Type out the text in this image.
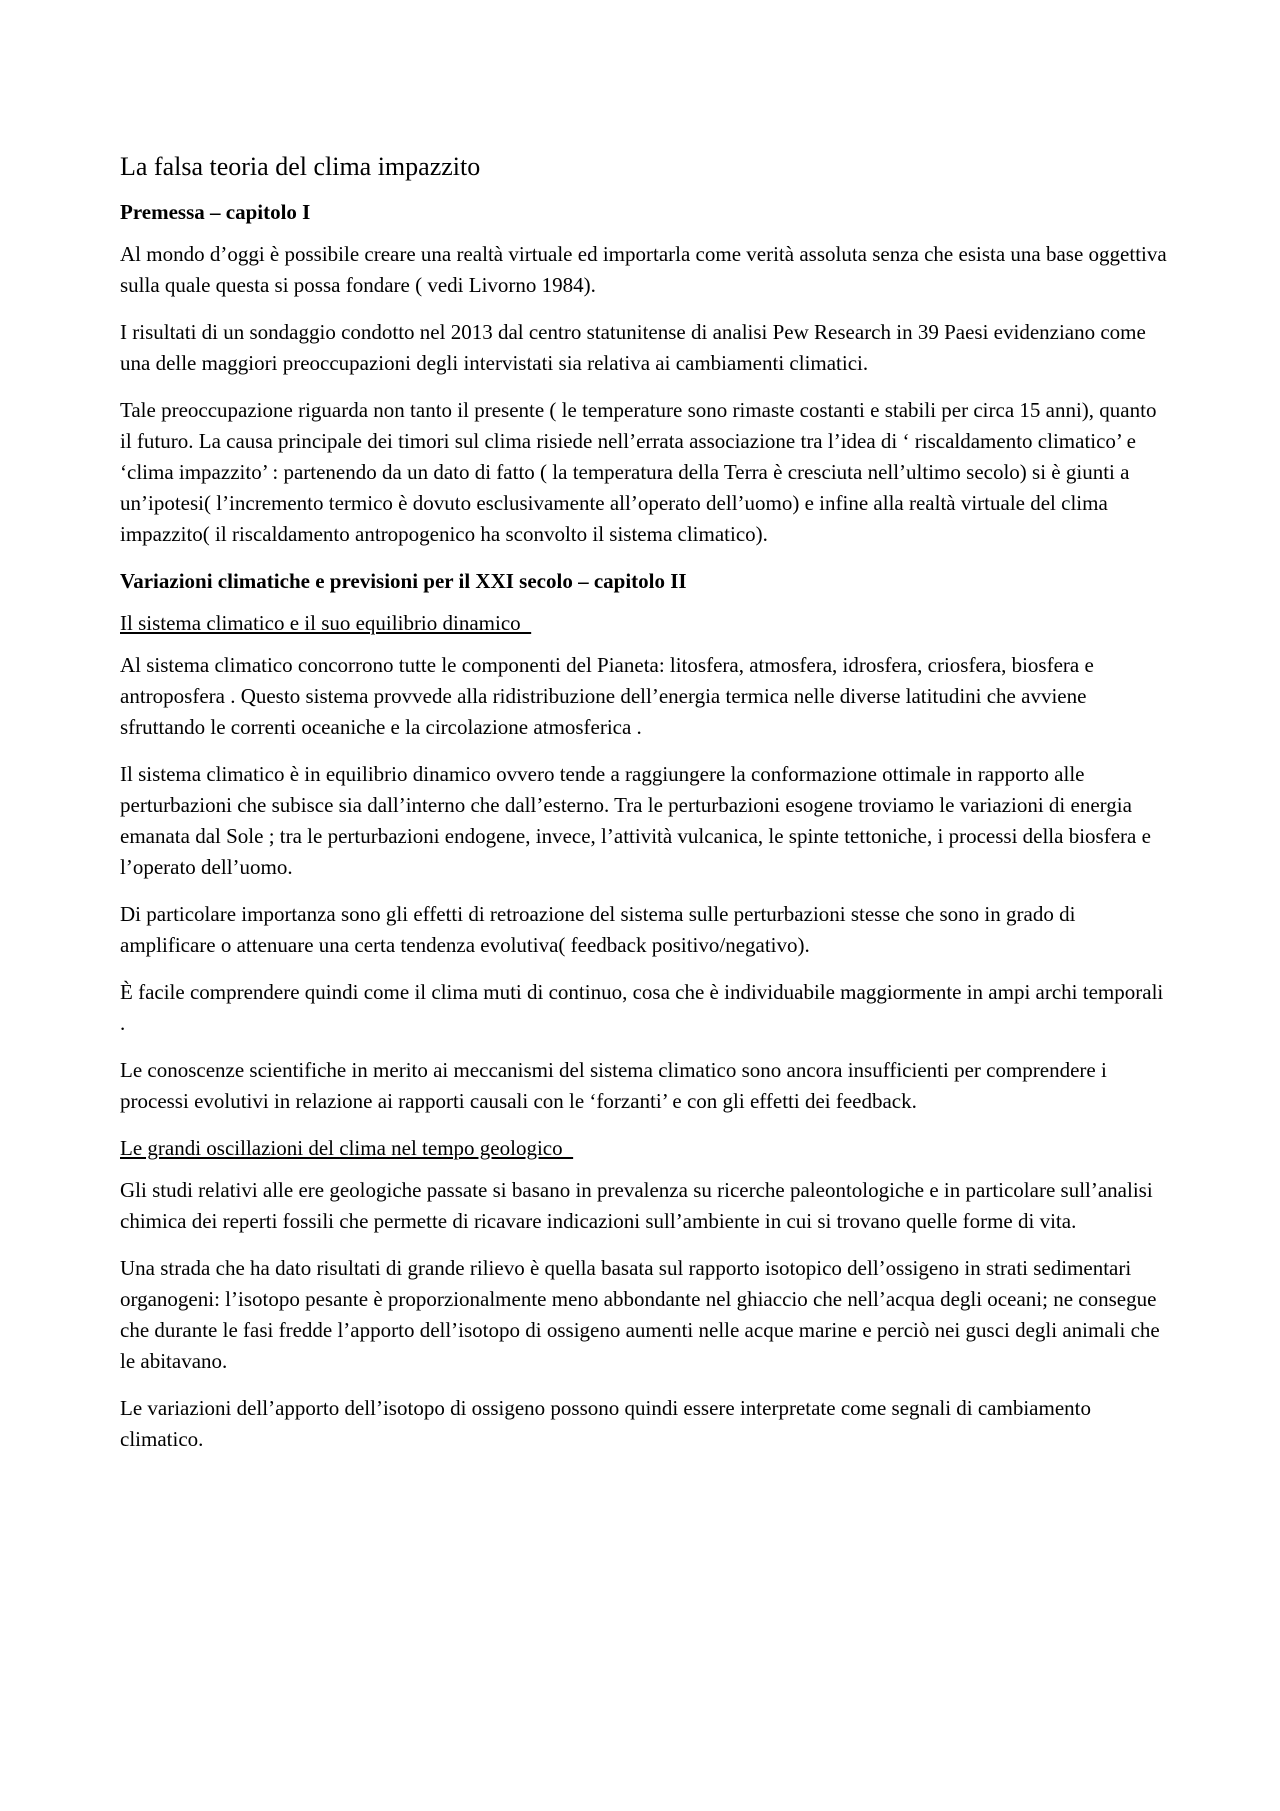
La falsa teoria del clima impazzito
Premessa – capitolo I

Al mondo d’oggi è possibile creare una realtà virtuale ed importarla come verità assoluta senza che esista una base oggettiva sulla quale questa si possa fondare ( vedi Livorno 1984).

I risultati di un sondaggio condotto nel 2013 dal centro statunitense di analisi Pew Research in 39 Paesi evidenziano come una delle maggiori preoccupazioni degli intervistati sia relativa ai cambiamenti climatici.

Tale preoccupazione riguarda non tanto il presente ( le temperature sono rimaste costanti e stabili per circa 15 anni), quanto il futuro. La causa principale dei timori sul clima risiede nell’errata associazione tra l’idea di ‘ riscaldamento climatico’ e ‘clima impazzito’ : partenendo da un dato di fatto ( la temperatura della Terra è cresciuta nell’ultimo secolo) si è giunti a un’ipotesi( l’incremento termico è dovuto esclusivamente all’operato dell’uomo) e infine alla realtà virtuale del clima impazzito( il riscaldamento antropogenico ha sconvolto il sistema climatico).

Variazioni climatiche e previsioni per il XXI secolo – capitolo II
Il sistema climatico e il suo equilibrio dinamico

Al sistema climatico concorrono tutte le componenti del Pianeta: litosfera, atmosfera, idrosfera, criosfera, biosfera e antroposfera . Questo sistema provvede alla ridistribuzione dell’energia termica nelle diverse latitudini che avviene sfruttando le correnti oceaniche e la circolazione atmosferica .

Il sistema climatico è in equilibrio dinamico ovvero tende a raggiungere la conformazione ottimale in rapporto alle perturbazioni che subisce sia dall’interno che dall’esterno. Tra le perturbazioni esogene troviamo le variazioni di energia emanata dal Sole ; tra le perturbazioni endogene, invece, l’attività vulcanica, le spinte tettoniche, i processi della biosfera e l’operato dell’uomo.

Di particolare importanza sono gli effetti di retroazione del sistema sulle perturbazioni stesse che sono in grado di amplificare o attenuare una certa tendenza evolutiva( feedback positivo/negativo).

È facile comprendere quindi come il clima muti di continuo, cosa che è individuabile maggiormente in ampi archi temporali .

Le conoscenze scientifiche in merito ai meccanismi del sistema climatico sono ancora insufficienti per comprendere i processi evolutivi in relazione ai rapporti causali con le ‘forzanti’ e con gli effetti dei feedback.

Le grandi oscillazioni del clima nel tempo geologico

Gli studi relativi alle ere geologiche passate si basano in prevalenza su ricerche paleontologiche e in particolare sull’analisi chimica dei reperti fossili che permette di ricavare indicazioni sull’ambiente in cui si trovano quelle forme di vita.

Una strada che ha dato risultati di grande rilievo è quella basata sul rapporto isotopico dell’ossigeno in strati sedimentari organogeni: l’isotopo pesante è proporzionalmente meno abbondante nel ghiaccio che nell’acqua degli oceani; ne consegue che durante le fasi fredde l’apporto dell’isotopo di ossigeno aumenti nelle acque marine e perciò nei gusci degli animali che le abitavano.

Le variazioni dell’apporto dell’isotopo di ossigeno possono quindi essere interpretate come segnali di cambiamento climatico.
